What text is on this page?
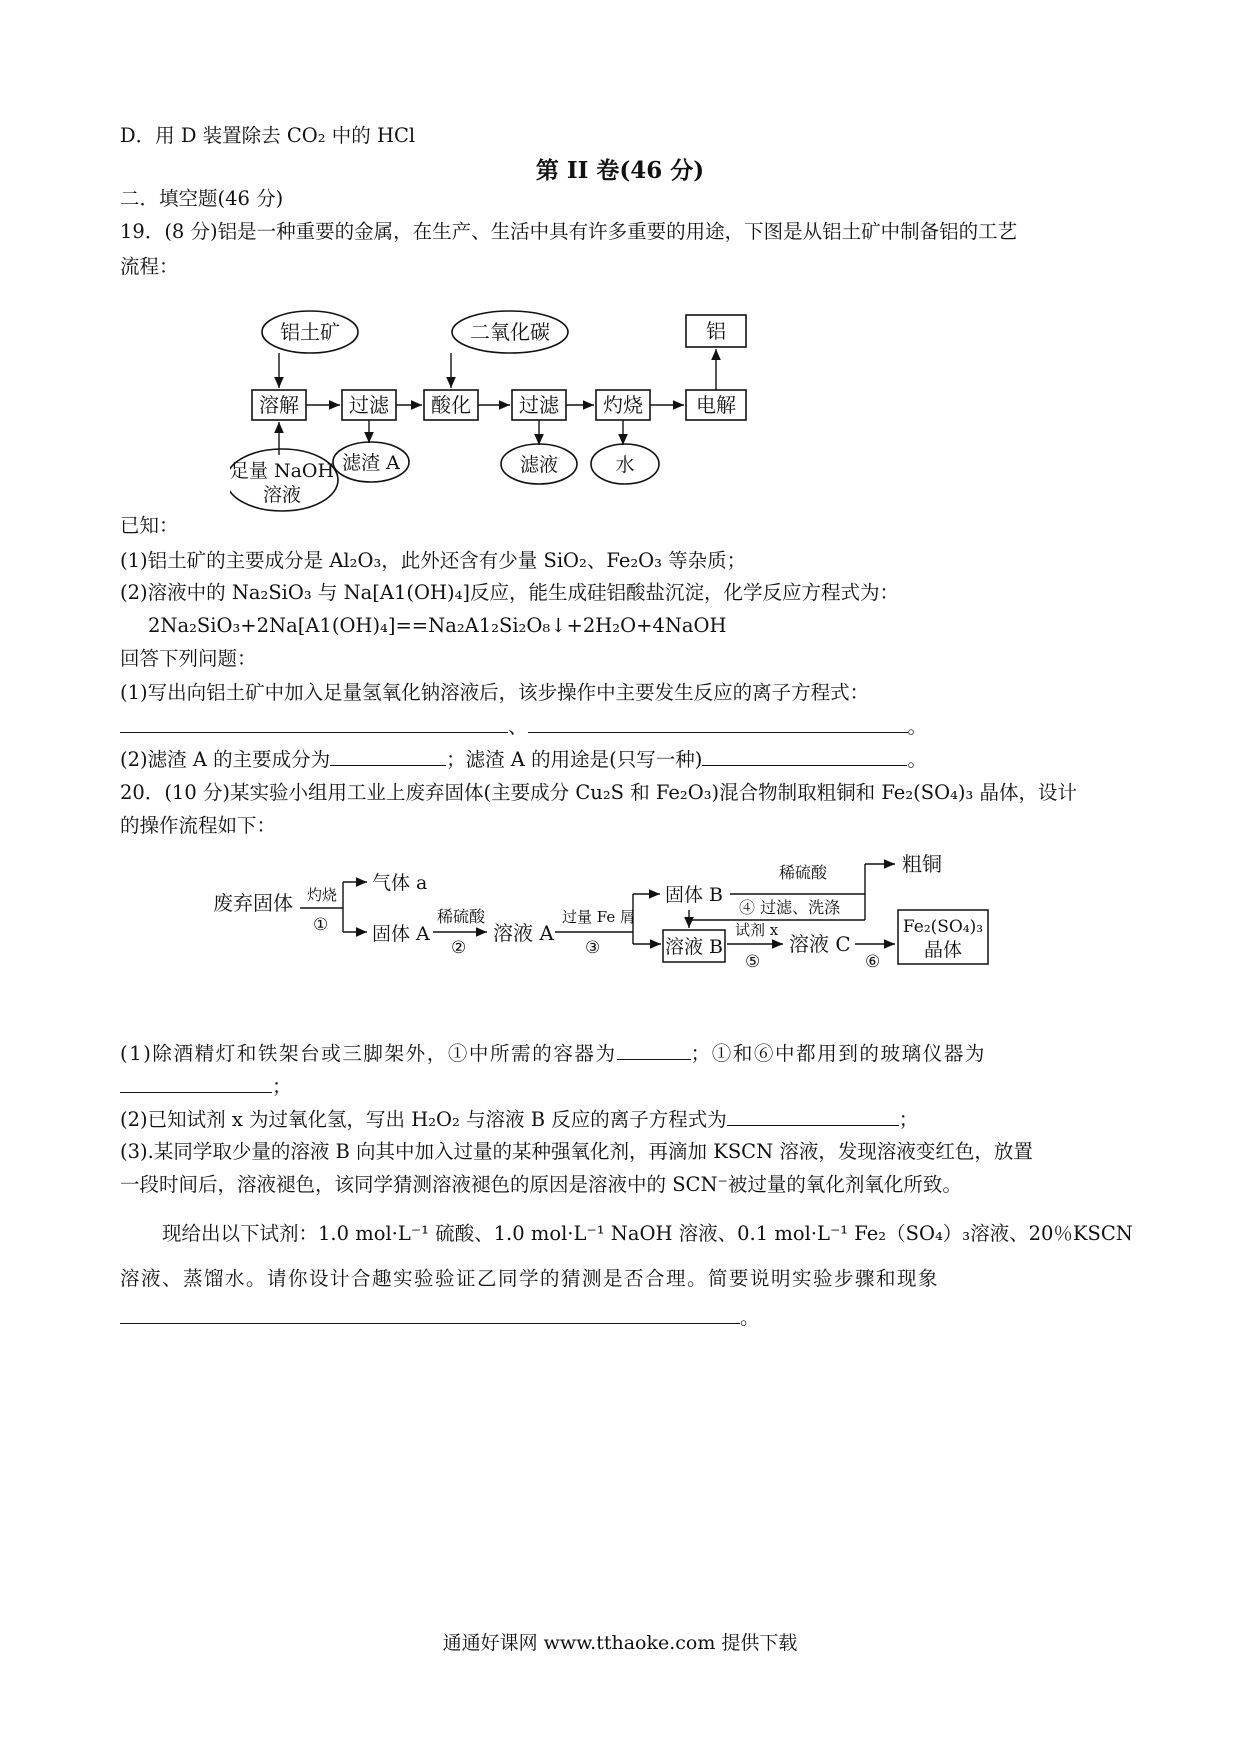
D．用 D 装置除去 CO₂ 中的 HCl
第 II 卷(46 分)
二．填空题(46 分)
19．(8 分)铝是一种重要的金属，在生产、生活中具有许多重要的用途，下图是从铝土矿中制备铝的工艺
流程：
铝土矿	二氧化碳	铝
溶解	过滤 酸化 过滤 灼烧	电解
足量 NaOH
溶液
滤渣 A	滤液	水
已知：
(1)铝土矿的主要成分是 Al₂O₃，此外还含有少量 SiO₂、Fe₂O₃ 等杂质；
(2)溶液中的 Na₂SiO₃ 与 Na[A1(OH)₄]反应，能生成硅铝酸盐沉淀，化学反应方程式为：
2Na₂SiO₃+2Na[A1(OH)₄]==Na₂A1₂Si₂O₈↓+2H₂O+4NaOH
回答下列问题：
(1)写出向铝土矿中加入足量氢氧化钠溶液后，该步操作中主要发生反应的离子方程式：
、	。
(2)滤渣 A 的主要成分为	；滤渣 A 的用途是(只写一种)	。
20．(10 分)某实验小组用工业上废弃固体(主要成分 Cu₂S 和 Fe₂O₃)混合物制取粗铜和 Fe₂(SO₄)₃ 晶体，设计
的操作流程如下：
废弃固体 灼烧
①
气体 a
固体 A
稀硫酸
②
溶液 A
过量 Fe 屑
③
固体 B
稀硫酸	粗铜
④ 过滤、洗涤
溶液 B
试剂 x
⑤
溶液 C
⑥
Fe₂(SO₄)₃
晶体
(1)除酒精灯和铁架台或三脚架外，①中所需的容器为	；①和⑥中都用到的玻璃仪器为
；
(2)已知试剂 x 为过氧化氢，写出 H₂O₂ 与溶液 B 反应的离子方程式为	；
(3).某同学取少量的溶液 B 向其中加入过量的某种强氧化剂，再滴加 KSCN 溶液，发现溶液变红色，放置
一段时间后，溶液褪色，该同学猜测溶液褪色的原因是溶液中的 SCN⁻被过量的氧化剂氧化所致。
现给出以下试剂：1.0 mol·L⁻¹ 硫酸、1.0 mol·L⁻¹ NaOH 溶液、0.1 mol·L⁻¹ Fe₂（SO₄）₃溶液、20％KSCN
溶液、蒸馏水。请你设计合趣实验验证乙同学的猜测是否合理。简要说明实验步骤和现象
。
通通好课网 www.tthaoke.com 提供下载
